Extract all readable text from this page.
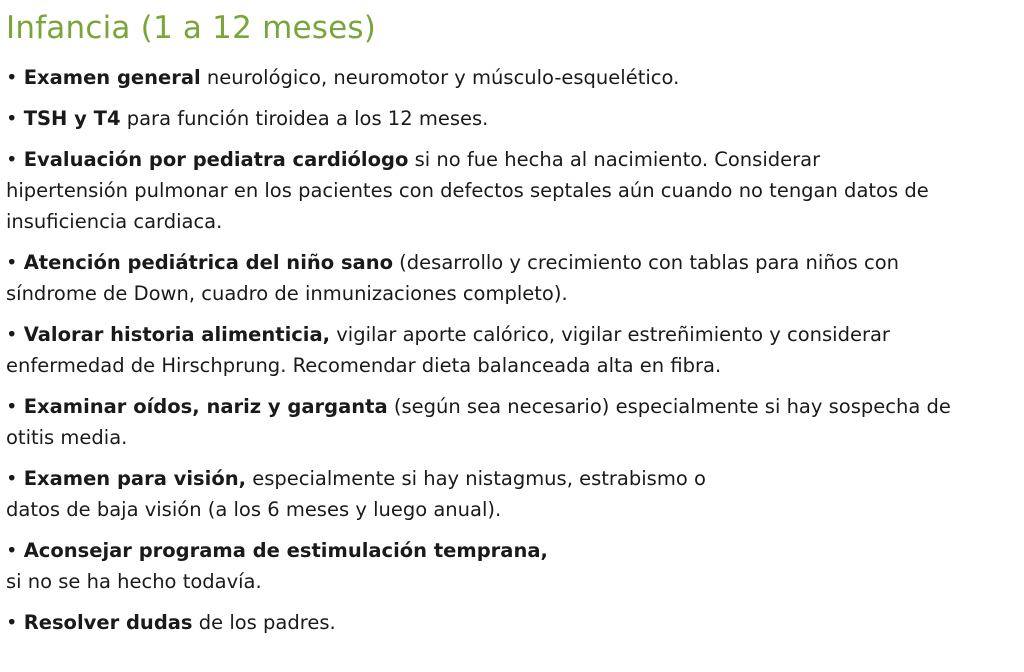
Infancia (1 a 12 meses)
• Examen general neurológico, neuromotor y músculo-esquelético.
• TSH y T4 para función tiroidea a los 12 meses.
• Evaluación por pediatra cardiólogo si no fue hecha al nacimiento. Considerar
hipertensión pulmonar en los pacientes con defectos septales aún cuando no tengan datos de
insuficiencia cardiaca.
• Atención pediátrica del niño sano (desarrollo y crecimiento con tablas para niños con
síndrome de Down, cuadro de inmunizaciones completo).
• Valorar historia alimenticia, vigilar aporte calórico, vigilar estreñimiento y considerar
enfermedad de Hirschprung. Recomendar dieta balanceada alta en fibra.
• Examinar oídos, nariz y garganta (según sea necesario) especialmente si hay sospecha de
otitis media.
• Examen para visión, especialmente si hay nistagmus, estrabismo o
datos de baja visión (a los 6 meses y luego anual).
• Aconsejar programa de estimulación temprana,
si no se ha hecho todavía.
• Resolver dudas de los padres.
